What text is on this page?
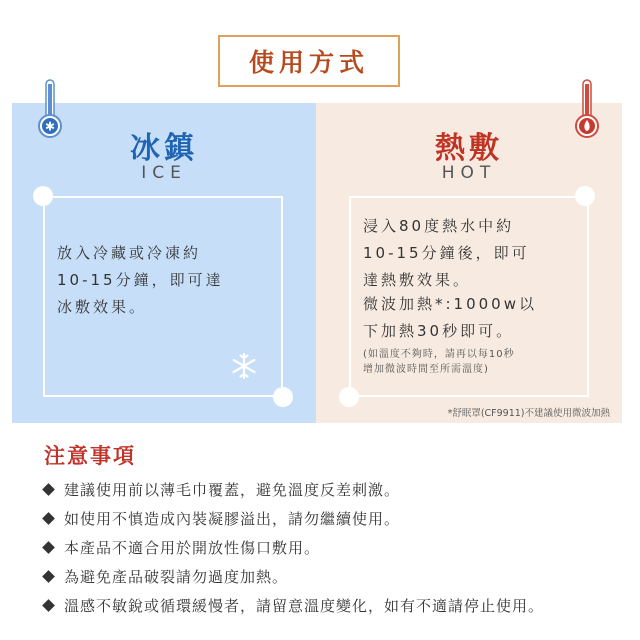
使用方式
冰鎮
ICE
放入冷藏或冷凍約
10-15分鐘，即可達
冰敷效果。
熱敷
HOT
浸入80度熱水中約
10-15分鐘後，即可
達熱敷效果。
微波加熱*:1000w以
下加熱30秒即可。
(如溫度不夠時，請再以每10秒
增加微波時間至所需溫度)
*舒眠罩(CF9911)不建議使用微波加熱
✱
注意事項
建議使用前以薄毛巾覆蓋，避免溫度反差刺激。
如使用不慎造成內裝凝膠溢出，請勿繼續使用。
本產品不適合用於開放性傷口敷用。
為避免產品破裂請勿過度加熱。
溫感不敏銳或循環緩慢者，請留意溫度變化，如有不適請停止使用。
